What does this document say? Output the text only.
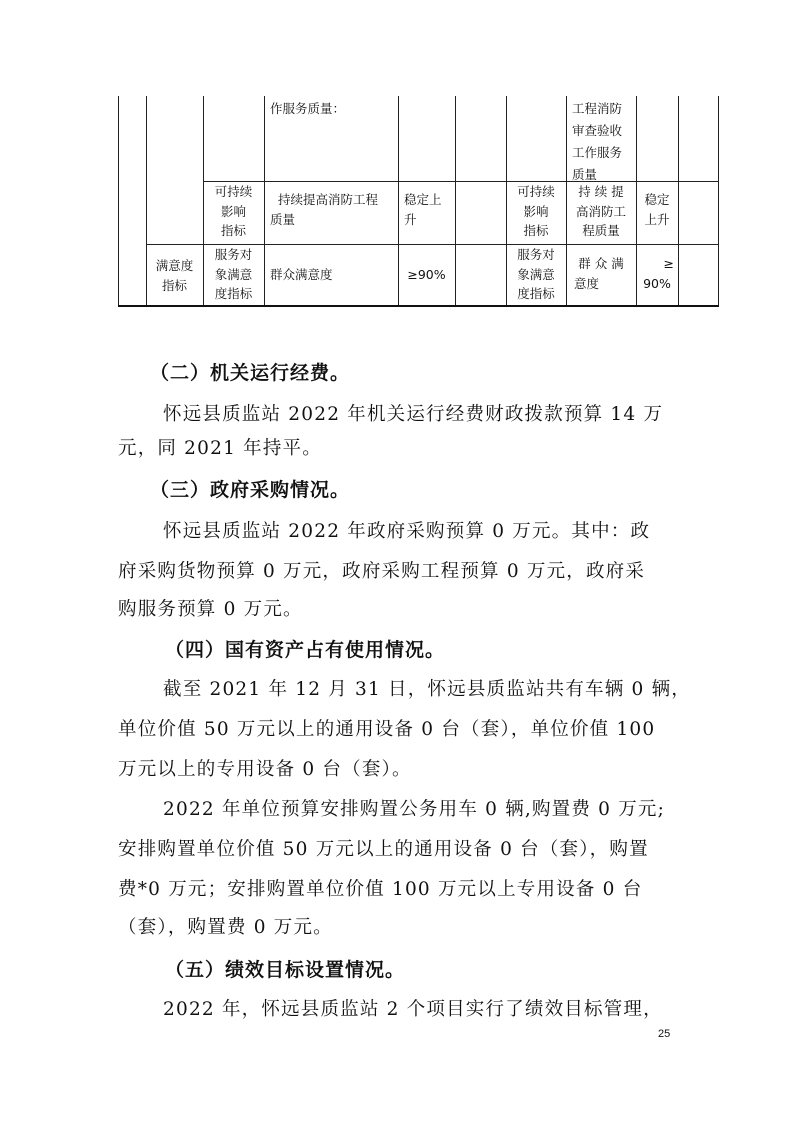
作服务质量：	工程消防
审查验收
工作服务
质量
可持续
影响
指标
持续提高消防工程
质量
稳定上
升
可持续
影响
指标
持 续 提
高消防工
程质量
稳定
上升
满意度
指标
服务对
象满意
度指标
群众满意度	≥90%
服务对
象满意
度指标
群 众 满
意度
≥
90%
（二）机关运行经费。
怀远县质监站 2022 年机关运行经费财政拨款预算 14 万
元，同 2021 年持平。
（三）政府采购情况。
怀远县质监站 2022 年政府采购预算 0 万元。其中：政
府采购货物预算 0 万元，政府采购工程预算 0 万元，政府采
购服务预算 0 万元。
（四）国有资产占有使用情况。
截至 2021 年 12 月 31 日，怀远县质监站共有车辆 0 辆，
单位价值 50 万元以上的通用设备 0 台（套），单位价值 100
万元以上的专用设备 0 台（套）。
2022 年单位预算安排购置公务用车 0 辆,购置费 0 万元;
安排购置单位价值 50 万元以上的通用设备 0 台（套），购置
费*0 万元；安排购置单位价值 100 万元以上专用设备 0 台
（套），购置费 0 万元。
（五）绩效目标设置情况。
2022 年，怀远县质监站 2 个项目实行了绩效目标管理，
25
